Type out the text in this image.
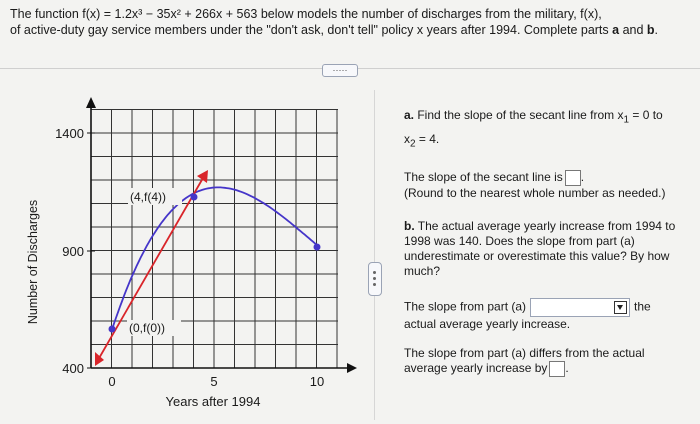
The function f(x) = 1.2x³ − 35x² + 266x + 563 below models the number of discharges from the military, f(x),
of active-duty gay service members under the "don't ask, don't tell" policy x years after 1994. Complete parts a and b.
·····
1400
900
400
0	5	10
Number of Discharges
Years after 1994
(0,f(0))
(4,f(4))

a. Find the slope of the secant line from $x_1 = 0$ to

$x_2 = 4$.

The slope of the secant line is .

(Round to the nearest whole number as needed.)

b. The actual average yearly increase from 1994 to 1998 was 140. Does the slope from part (a) underestimate or overestimate this value? By how much?

The slope from part (a)	the

actual average yearly increase.

The slope from part (a) differs from the actual average yearly increase by .
